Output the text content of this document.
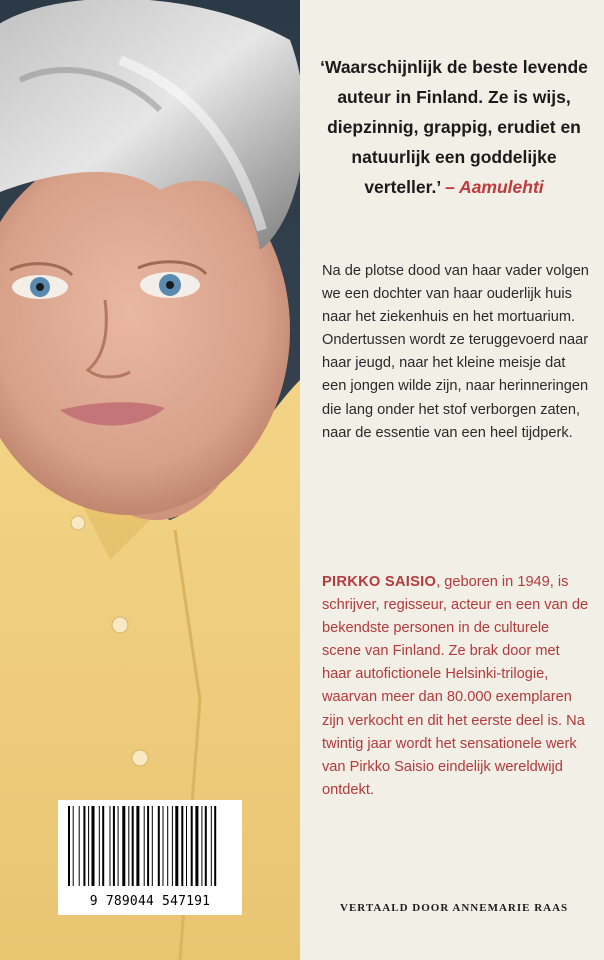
‘Waarschijnlijk de beste levende auteur in Finland. Ze is wijs, diepzinnig, grappig, erudiet en natuurlijk een goddelijke verteller.’ – Aamulehti
Na de plotse dood van haar vader volgen we een dochter van haar ouderlijk huis naar het ziekenhuis en het mortuarium. Ondertussen wordt ze teruggevoerd naar haar jeugd, naar het kleine meisje dat een jongen wilde zijn, naar herinneringen die lang onder het stof verborgen zaten, naar de essentie van een heel tijdperk.
PIRKKO SAISIO, geboren in 1949, is schrijver, regisseur, acteur en een van de bekendste personen in de culturele scene van Finland. Ze brak door met haar autofictionele Helsinki-trilogie, waarvan meer dan 80.000 exemplaren zijn verkocht en dit het eerste deel is. Na twintig jaar wordt het sensationele werk van Pirkko Saisio eindelijk wereldwijd ontdekt.
VERTAALD DOOR ANNEMARIE RAAS
9 789044 547191
